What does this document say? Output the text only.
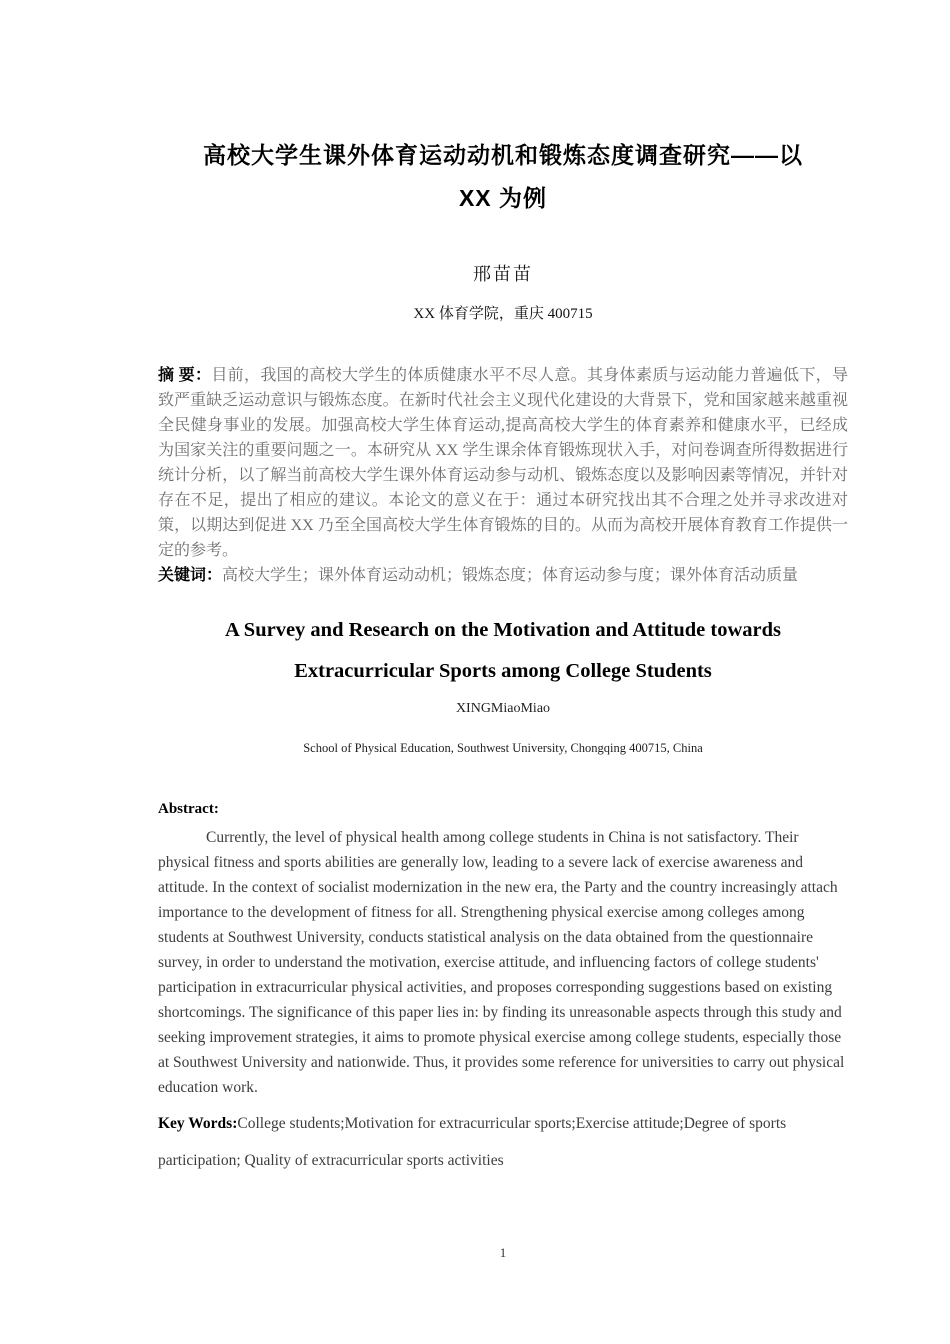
高校大学生课外体育运动动机和锻炼态度调查研究——以
XX 为例

邢苗苗

XX 体育学院，重庆 400715

摘 要：目前，我国的高校大学生的体质健康水平不尽人意。其身体素质与运动能力普遍低下，导致严重缺乏运动意识与锻炼态度。在新时代社会主义现代化建设的大背景下，党和国家越来越重视全民健身事业的发展。加强高校大学生体育运动,提高高校大学生的体育素养和健康水平，已经成为国家关注的重要问题之一。本研究从 XX 学生课余体育锻炼现状入手，对问卷调查所得数据进行统计分析，以了解当前高校大学生课外体育运动参与动机、锻炼态度以及影响因素等情况，并针对存在不足，提出了相应的建议。本论文的意义在于：通过本研究找出其不合理之处并寻求改进对策，以期达到促进 XX 乃至全国高校大学生体育锻炼的目的。从而为高校开展体育教育工作提供一定的参考。

关键词：高校大学生；课外体育运动动机；锻炼态度；体育运动参与度；课外体育活动质量

A Survey and Research on the Motivation and Attitude towards
Extracurricular Sports among College Students

XINGMiaoMiao

School of Physical Education, Southwest University, Chongqing 400715, China

Abstract:

Currently, the level of physical health among college students in China is not satisfactory. Their physical fitness and sports abilities are generally low, leading to a severe lack of exercise awareness and attitude. In the context of socialist modernization in the new era, the Party and the country increasingly attach importance to the development of fitness for all. Strengthening physical exercise among colleges among students at Southwest University, conducts statistical analysis on the data obtained from the questionnaire survey, in order to understand the motivation, exercise attitude, and influencing factors of college students' participation in extracurricular physical activities, and proposes corresponding suggestions based on existing shortcomings. The significance of this paper lies in: by finding its unreasonable aspects through this study and seeking improvement strategies, it aims to promote physical exercise among college students, especially those at Southwest University and nationwide. Thus, it provides some reference for universities to carry out physical education work.

Key Words:College students;Motivation for extracurricular sports;Exercise attitude;Degree of sports participation; Quality of extracurricular sports activities

1
